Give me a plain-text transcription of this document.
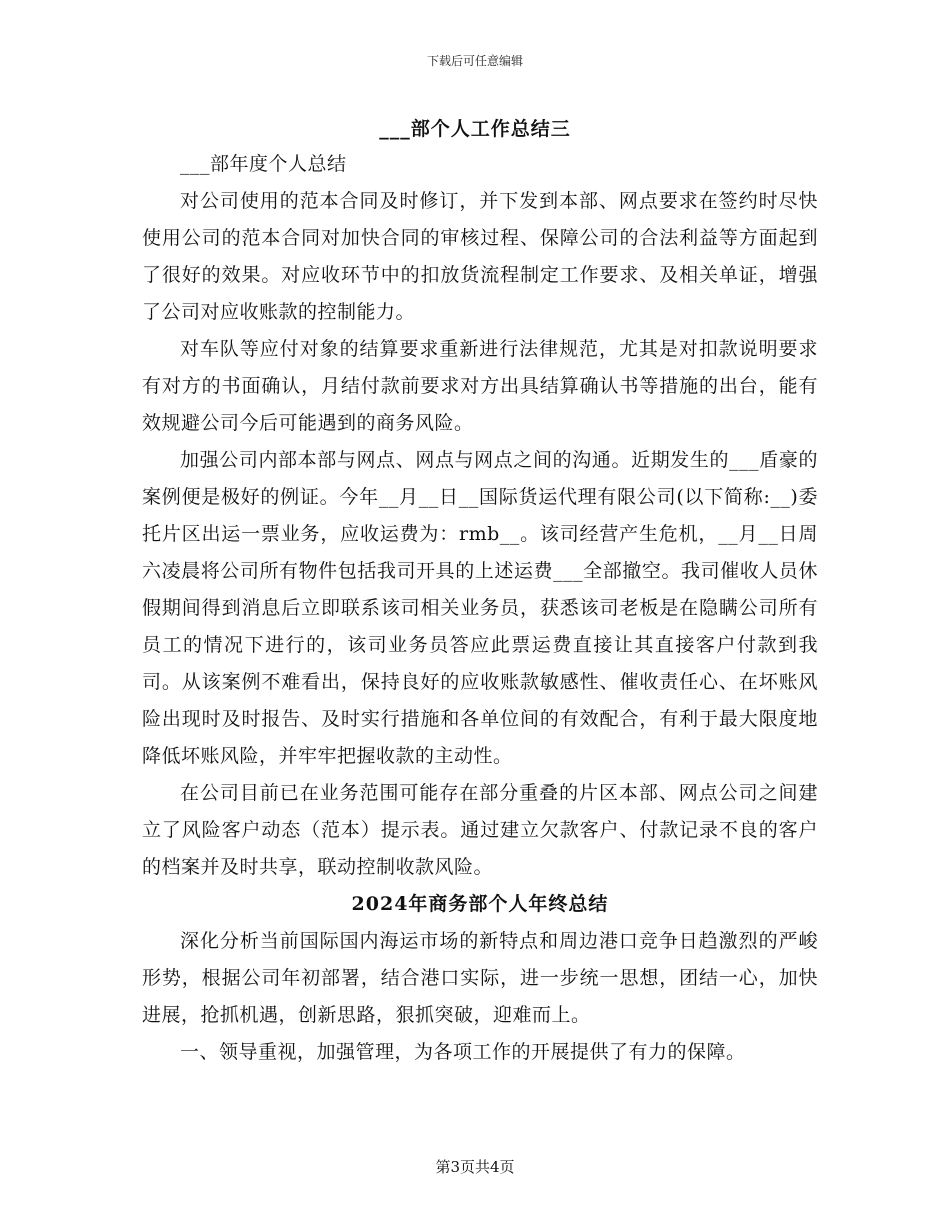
下载后可任意编辑
___部个人工作总结三

___部年度个人总结

对公司使用的范本合同及时修订，并下发到本部、网点要求在签约时尽快使用公司的范本合同对加快合同的审核过程、保障公司的合法利益等方面起到了很好的效果。对应收环节中的扣放货流程制定工作要求、及相关单证，增强了公司对应收账款的控制能力。

对车队等应付对象的结算要求重新进行法律规范，尤其是对扣款说明要求有对方的书面确认，月结付款前要求对方出具结算确认书等措施的出台，能有效规避公司今后可能遇到的商务风险。

加强公司内部本部与网点、网点与网点之间的沟通。近期发生的___盾豪的案例便是极好的例证。今年__月__日__国际货运代理有限公司(以下简称:__)委托片区出运一票业务，应收运费为：rmb__。该司经营产生危机，__月__日周六凌晨将公司所有物件包括我司开具的上述运费___全部撤空。我司催收人员休假期间得到消息后立即联系该司相关业务员，获悉该司老板是在隐瞒公司所有员工的情况下进行的，该司业务员答应此票运费直接让其直接客户付款到我司。从该案例不难看出，保持良好的应收账款敏感性、催收责任心、在坏账风险出现时及时报告、及时实行措施和各单位间的有效配合，有利于最大限度地降低坏账风险，并牢牢把握收款的主动性。

在公司目前已在业务范围可能存在部分重叠的片区本部、网点公司之间建立了风险客户动态（范本）提示表。通过建立欠款客户、付款记录不良的客户的档案并及时共享，联动控制收款风险。

2024年商务部个人年终总结

深化分析当前国际国内海运市场的新特点和周边港口竞争日趋激烈的严峻形势，根据公司年初部署，结合港口实际，进一步统一思想，团结一心，加快进展，抢抓机遇，创新思路，狠抓突破，迎难而上。

一、领导重视，加强管理，为各项工作的开展提供了有力的保障。

第3页共4页
